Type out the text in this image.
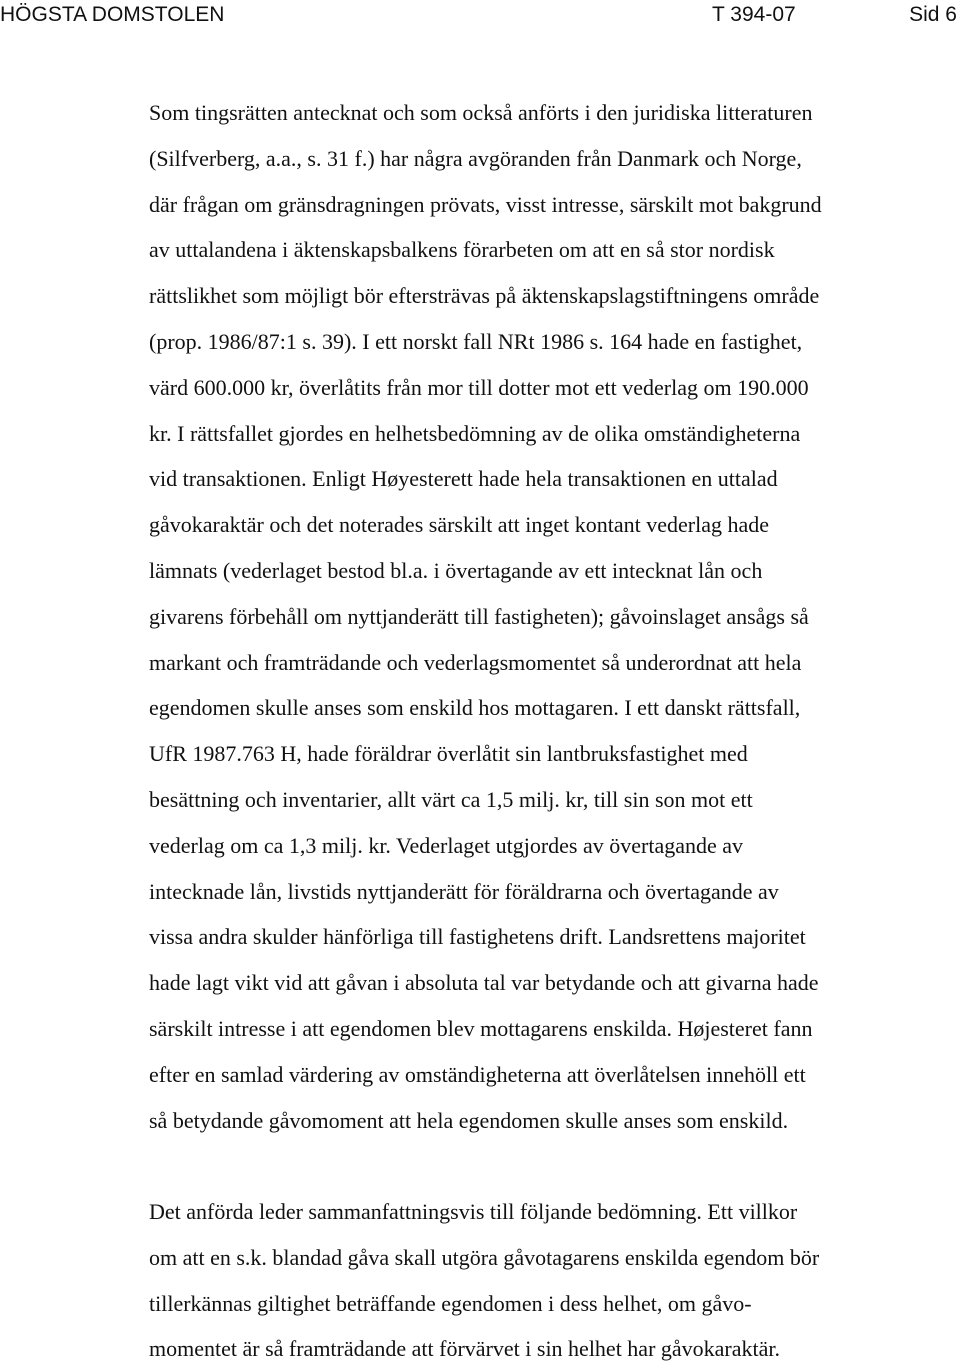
HÖGSTA DOMSTOLEN	T 394-07	Sid 6
Som tingsrätten antecknat och som också anförts i den juridiska litteraturen
(Silfverberg, a.a., s. 31 f.) har några avgöranden från Danmark och Norge,
där frågan om gränsdragningen prövats, visst intresse, särskilt mot bakgrund
av uttalandena i äktenskapsbalkens förarbeten om att en så stor nordisk
rättslikhet som möjligt bör eftersträvas på äktenskapslagstiftningens område
(prop. 1986/87:1 s. 39). I ett norskt fall NRt 1986 s. 164 hade en fastighet,
värd 600.000 kr, överlåtits från mor till dotter mot ett vederlag om 190.000
kr. I rättsfallet gjordes en helhetsbedömning av de olika omständigheterna
vid transaktionen. Enligt Høyesterett hade hela transaktionen en uttalad
gåvokaraktär och det noterades särskilt att inget kontant vederlag hade
lämnats (vederlaget bestod bl.a. i övertagande av ett intecknat lån och
givarens förbehåll om nyttjanderätt till fastigheten); gåvoinslaget ansågs så
markant och framträdande och vederlagsmomentet så underordnat att hela
egendomen skulle anses som enskild hos mottagaren. I ett danskt rättsfall,
UfR 1987.763 H, hade föräldrar överlåtit sin lantbruksfastighet med
besättning och inventarier, allt värt ca 1,5 milj. kr, till sin son mot ett
vederlag om ca 1,3 milj. kr. Vederlaget utgjordes av övertagande av
intecknade lån, livstids nyttjanderätt för föräldrarna och övertagande av
vissa andra skulder hänförliga till fastighetens drift. Landsrettens majoritet
hade lagt vikt vid att gåvan i absoluta tal var betydande och att givarna hade
särskilt intresse i att egendomen blev mottagarens enskilda. Højesteret fann
efter en samlad värdering av omständigheterna att överlåtelsen innehöll ett
så betydande gåvomoment att hela egendomen skulle anses som enskild.
Det anförda leder sammanfattningsvis till följande bedömning. Ett villkor
om att en s.k. blandad gåva skall utgöra gåvotagarens enskilda egendom bör
tillerkännas giltighet beträffande egendomen i dess helhet, om gåvo-
momentet är så framträdande att förvärvet i sin helhet har gåvokaraktär.
